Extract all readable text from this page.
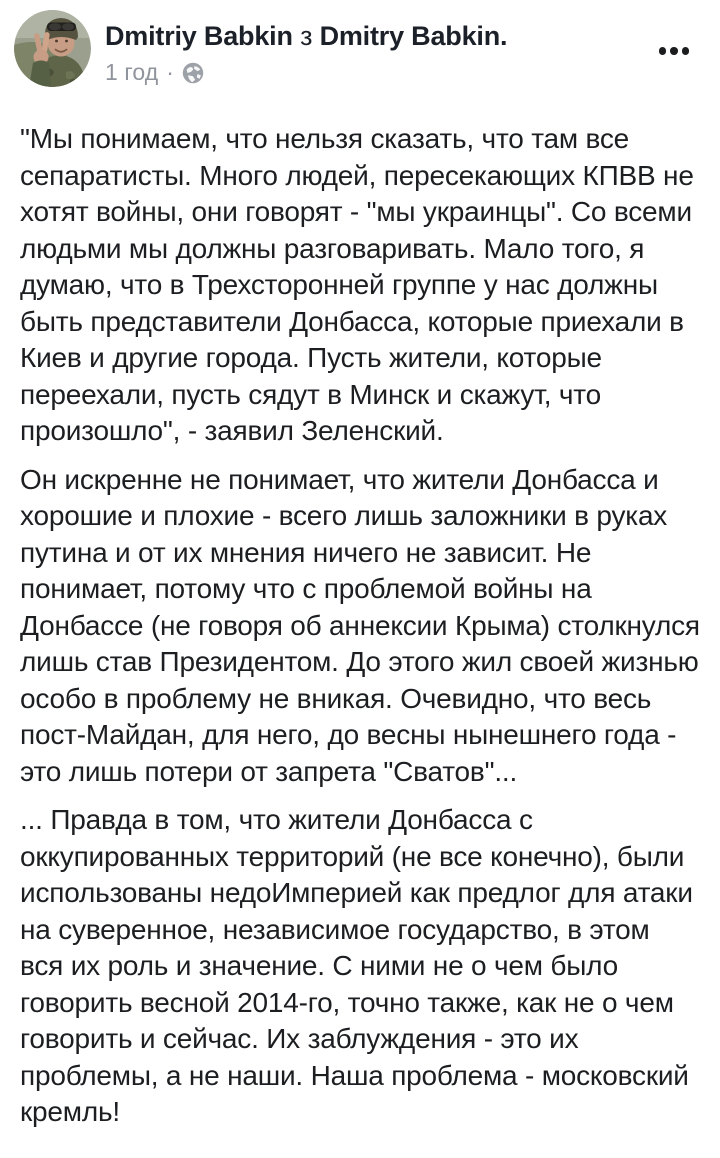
Dmitriy Babkin з Dmitry Babkin.
1 год ·

"Мы понимаем, что нельзя сказать, что там все сепаратисты. Много людей, пересекающих КПВВ не хотят войны, они говорят - "мы украинцы". Со всеми людьми мы должны разговаривать. Мало того, я думаю, что в Трехсторонней группе у нас должны быть представители Донбасса, которые приехали в Киев и другие города. Пусть жители, которые переехали, пусть сядут в Минск и скажут, что произошло", - заявил Зеленский.

Он искренне не понимает, что жители Донбасса и хорошие и плохие - всего лишь заложники в руках путина и от их мнения ничего не зависит. Не понимает, потому что с проблемой войны на Донбассе (не говоря об аннексии Крыма) столкнулся лишь став Президентом. До этого жил своей жизнью особо в проблему не вникая. Очевидно, что весь пост-Майдан, для него, до весны нынешнего года - это лишь потери от запрета "Сватов"...

... Правда в том, что жители Донбасса с оккупированных территорий (не все конечно), были использованы недоИмперией как предлог для атаки на суверенное, независимое государство, в этом вся их роль и значение. С ними не о чем было говорить весной 2014-го, точно также, как не о чем говорить и сейчас. Их заблуждения - это их проблемы, а не наши. Наша проблема - московский кремль!
